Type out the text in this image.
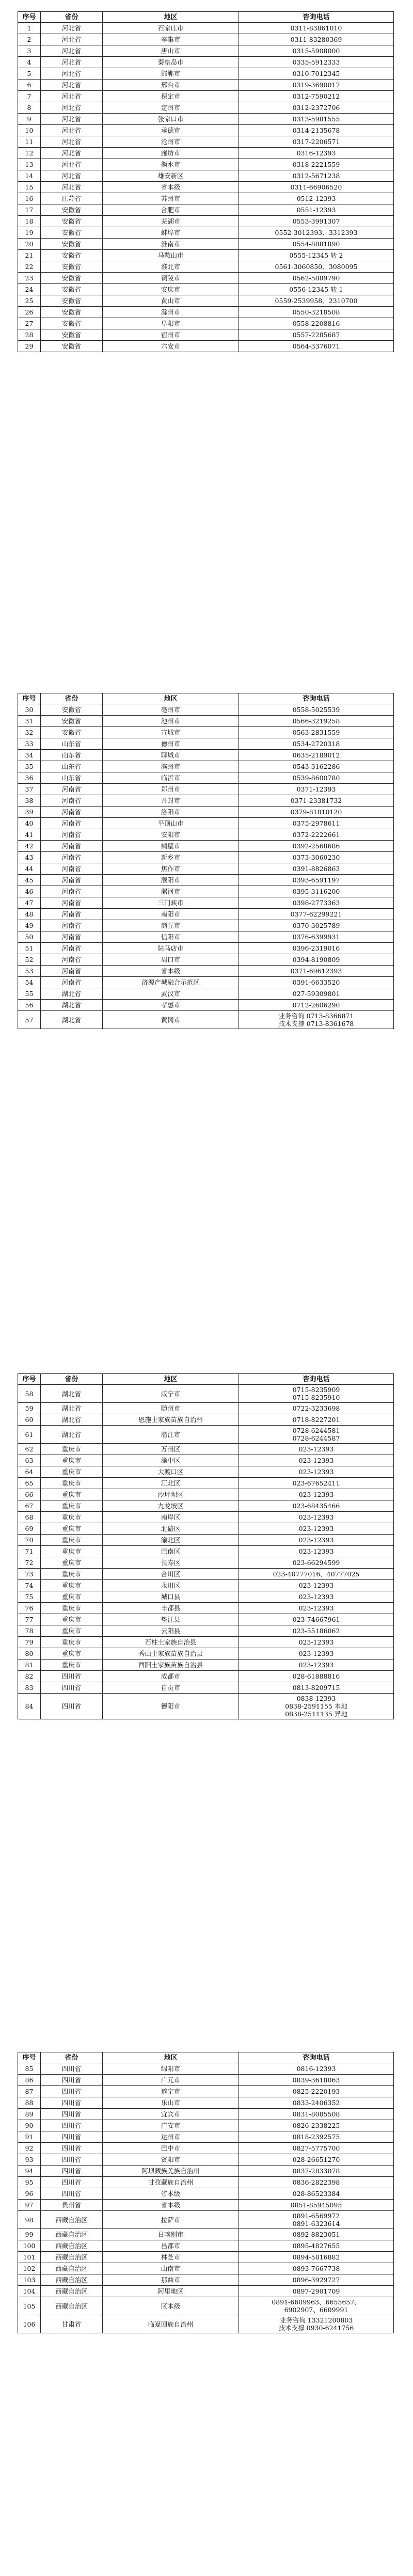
序号	省份	地区	咨询电话
1	河北省	石家庄市	0311-83861010
2	河北省	辛集市	0311-83280369
3	河北省	唐山市	0315-5908000
4	河北省	秦皇岛市	0335-5912333
5	河北省	邯郸市	0310-7012345
6	河北省	邢台市	0319-3690017
7	河北省	保定市	0312-7590212
8	河北省	定州市	0312-2372706
9	河北省	张家口市	0313-5981555
10	河北省	承德市	0314-2135678
11	河北省	沧州市	0317-2206571
12	河北省	廊坊市	0316-12393
13	河北省	衡水市	0318-2221559
14	河北省	雄安新区	0312-5671238
15	河北省	省本级	0311-66906520
16	江苏省	苏州市	0512-12393
17	安徽省	合肥市	0551-12393
18	安徽省	芜湖市	0553-3991307
19	安徽省	蚌埠市	0552-3012393、3312393
20	安徽省	淮南市	0554-8881890
21	安徽省	马鞍山市	0555-12345 转 2
22	安徽省	淮北市	0561-3060850、3080095
23	安徽省	铜陵市	0562-5889790
24	安徽省	安庆市	0556-12345 转 1
25	安徽省	黄山市	0559-2539958、2310700
26	安徽省	滁州市	0550-3218508
27	安徽省	阜阳市	0558-2208816
28	安徽省	宿州市	0557-2285687
29	安徽省	六安市	0564-3376071
序号	省份	地区	咨询电话
30	安徽省	亳州市	0558-5025539
31	安徽省	池州市	0566-3219258
32	安徽省	宣城市	0563-2831559
33	山东省	德州市	0534-2720318
34	山东省	聊城市	0635-2189012
35	山东省	滨州市	0543-3162286
36	山东省	临沂市	0539-8600780
37	河南省	郑州市	0371-12393
38	河南省	开封市	0371-23381732
39	河南省	洛阳市	0379-81810120
40	河南省	平顶山市	0375-2978611
41	河南省	安阳市	0372-2222661
42	河南省	鹤壁市	0392-2568686
43	河南省	新乡市	0373-3060230
44	河南省	焦作市	0391-8826863
45	河南省	濮阳市	0393-6591197
46	河南省	漯河市	0395-3116200
47	河南省	三门峡市	0398-2773363
48	河南省	南阳市	0377-62299221
49	河南省	商丘市	0370-3025789
50	河南省	信阳市	0376-6399931
51	河南省	驻马店市	0396-2319016
52	河南省	周口市	0394-8190809
53	河南省	省本级	0371-69612393
54	河南省	济源产城融合示范区	0391-6633520
55	湖北省	武汉市	027-59309801
56	湖北省	孝感市	0712-2606290
57	湖北省	黄冈市	业务咨询 0713-8366871
技术支撑 0713-8361678
序号	省份	地区	咨询电话
58	湖北省	咸宁市	0715-8235909
0715-8235910

59	湖北省	随州市	0722-3233698
60	湖北省	恩施土家族苗族自治州	0718-8227201
61	湖北省	潜江市	0728-6244581
0728-6244587

62	重庆市	万州区	023-12393
63	重庆市	渝中区	023-12393
64	重庆市	大渡口区	023-12393
65	重庆市	江北区	023-67652411
66	重庆市	沙坪坝区	023-12393
67	重庆市	九龙坡区	023-68435466
68	重庆市	南岸区	023-12393
69	重庆市	北碚区	023-12393
70	重庆市	渝北区	023-12393
71	重庆市	巴南区	023-12393
72	重庆市	长寿区	023-66294599
73	重庆市	合川区	023-40777016、40777025
74	重庆市	永川区	023-12393
75	重庆市	城口县	023-12393
76	重庆市	丰都县	023-12393
77	重庆市	垫江县	023-74667961
78	重庆市	云阳县	023-55186062
79	重庆市	石柱土家族自治县	023-12393
80	重庆市	秀山土家族苗族自治县	023-12393
81	重庆市	酉阳土家族苗族自治县	023-12393
82	四川省	成都市	028-61888816
83	四川省	自贡市	0813-8209715
84	四川省	德阳市	0838-12393
0838-2591155 本地
0838-2511135 异地
序号	省份	地区	咨询电话
85	四川省	绵阳市	0816-12393
86	四川省	广元市	0839-3618063
87	四川省	遂宁市	0825-2220193
88	四川省	乐山市	0833-2406352
89	四川省	宜宾市	0831-8085508
90	四川省	广安市	0826-2338225
91	四川省	达州市	0818-2392575
92	四川省	巴中市	0827-5775700
93	四川省	资阳市	028-26651270
94	四川省	阿坝藏族羌族自治州	0837-2833078
95	四川省	甘孜藏族自治州	0836-2822398
96	四川省	省本级	028-86523384
97	贵州省	省本级	0851-85945095
98	西藏自治区	拉萨市	0891-6569972
0891-6323614

99	西藏自治区	日喀则市	0892-8823051
100	西藏自治区	昌都市	0895-4827655
101	西藏自治区	林芝市	0894-5816882
102	西藏自治区	山南市	0893-7667738
103	西藏自治区	那曲市	0896-3929727
104	西藏自治区	阿里地区	0897-2901709
105	西藏自治区	区本级	0891-6609963、6655657、
6902907、6609991

106	甘肃省	临夏回族自治州	业务咨询 13321200803
技术支撑 0930-6241756
